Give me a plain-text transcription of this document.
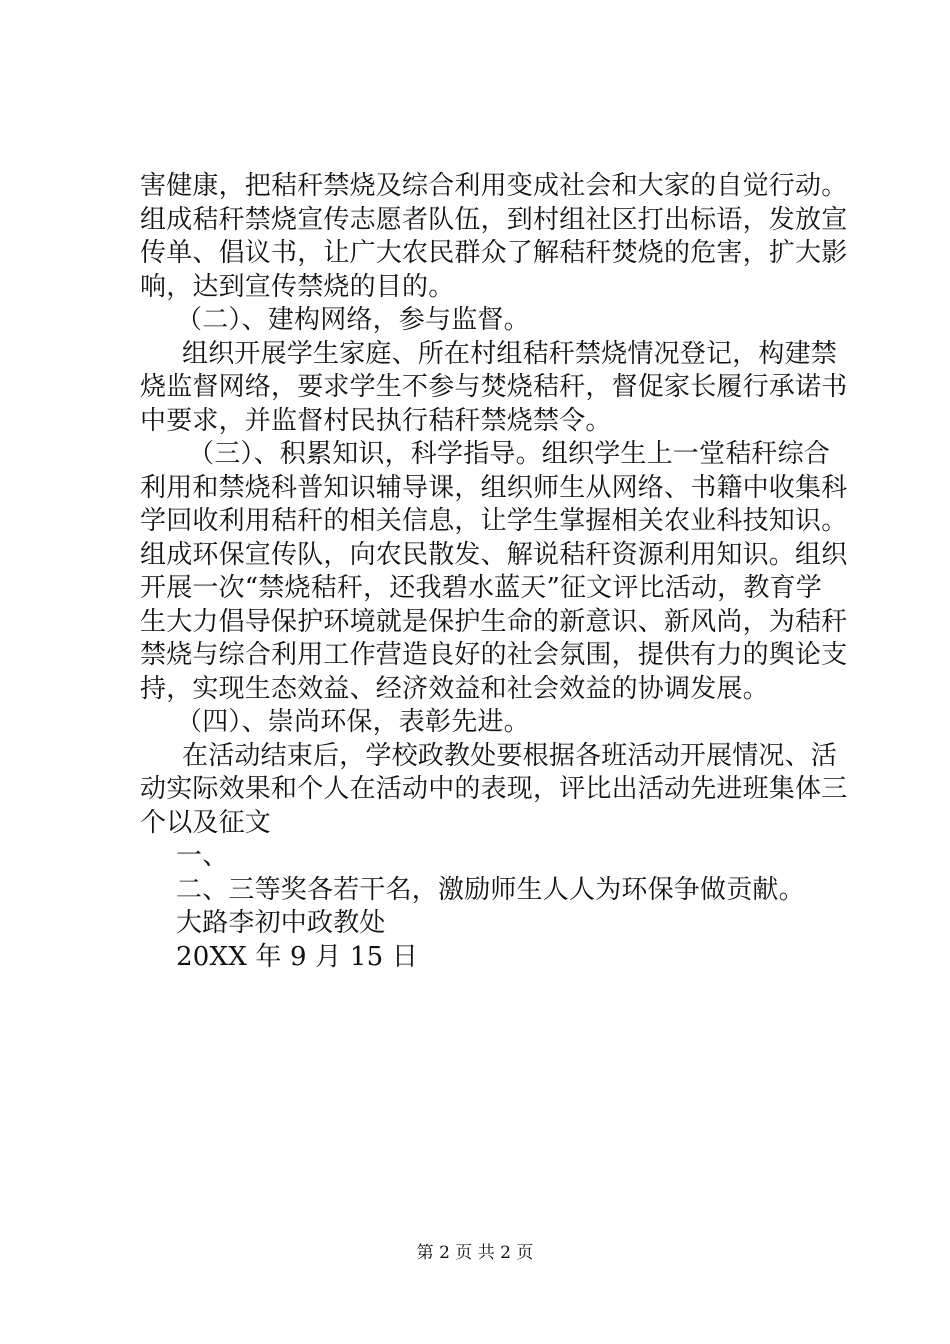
害健康，把秸秆禁烧及综合利用变成社会和大家的自觉行动。
组成秸秆禁烧宣传志愿者队伍，到村组社区打出标语，发放宣
传单、倡议书，让广大农民群众了解秸秆焚烧的危害，扩大影
响，达到宣传禁烧的目的。
（二）、建构网络，参与监督。
组织开展学生家庭、所在村组秸秆禁烧情况登记，构建禁
烧监督网络，要求学生不参与焚烧秸秆，督促家长履行承诺书
中要求，并监督村民执行秸秆禁烧禁令。
（三）、积累知识，科学指导。组织学生上一堂秸秆综合
利用和禁烧科普知识辅导课，组织师生从网络、书籍中收集科
学回收利用秸秆的相关信息，让学生掌握相关农业科技知识。
组成环保宣传队，向农民散发、解说秸秆资源利用知识。组织
开展一次“禁烧秸秆，还我碧水蓝天”征文评比活动，教育学
生大力倡导保护环境就是保护生命的新意识、新风尚，为秸秆
禁烧与综合利用工作营造良好的社会氛围，提供有力的舆论支
持，实现生态效益、经济效益和社会效益的协调发展。
（四）、崇尚环保，表彰先进。
在活动结束后，学校政教处要根据各班活动开展情况、活
动实际效果和个人在活动中的表现，评比出活动先进班集体三
个以及征文
一、
二、三等奖各若干名，激励师生人人为环保争做贡献。
大路李初中政教处
20XX 年 9 月 15 日
第 2 页 共 2 页
